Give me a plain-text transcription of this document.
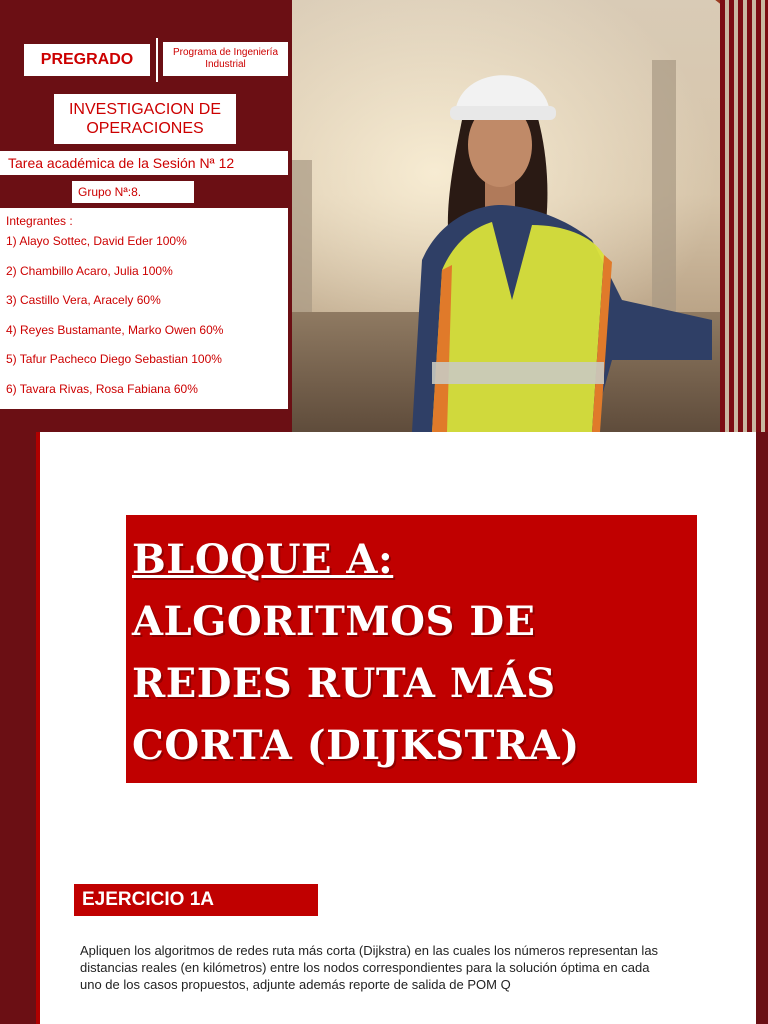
PREGRADO	Programa de Ingeniería Industrial
INVESTIGACION DE OPERACIONES
Tarea académica de la Sesión Nª 12
Grupo Nª:8.
Integrantes :
1) Alayo Sottec, David Eder 100%
2) Chambillo Acaro, Julia 100%
3) Castillo Vera, Aracely 60%
4) Reyes Bustamante, Marko Owen 60%
5) Tafur Pacheco Diego Sebastian 100%
6) Tavara Rivas, Rosa Fabiana 60%
BLOQUE A:
ALGORITMOS DE
REDES RUTA MÁS
CORTA (DIJKSTRA)
EJERCICIO 1A
Apliquen los algoritmos de redes ruta más corta (Dijkstra) en las cuales los números representan las distancias reales (en kilómetros) entre los nodos correspondientes para la solución óptima en cada uno de los casos propuestos, adjunte además reporte de salida de POM Q
